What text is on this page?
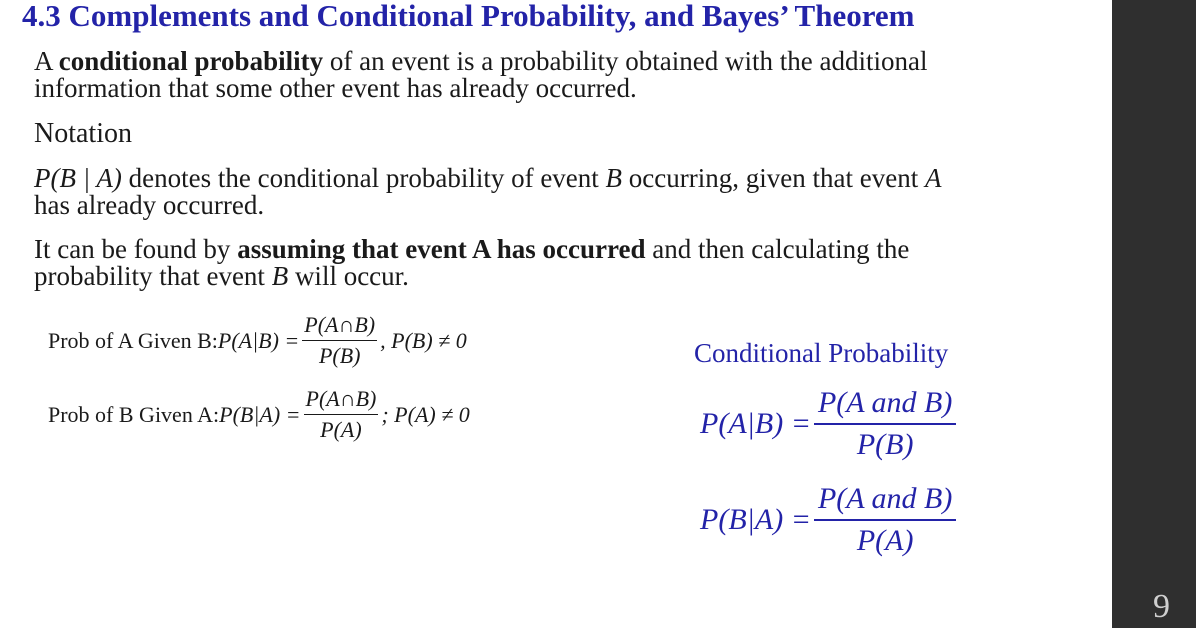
4.3 Complements and Conditional Probability, and Bayes’ Theorem
A conditional probability of an event is a probability obtained with the additional
information that some other event has already occurred.
Notation
P(B | A) denotes the conditional probability of event B occurring, given that event A
has already occurred.
It can be found by assuming that event A has occurred and then calculating the
probability that event B will occur.
Prob of A Given B: $P(A|B) = \frac{P(A\cap B)}{P(B)}$ , P(B) ≠ 0
Prob of B Given A: $P(B|A) = \frac{P(A\cap B)}{P(A)}$ ; P(A) ≠ 0
Conditional Probability
$P(A|B) = \frac{\text{P(A and B)}}{P(B)}$
$P(B|A) = \frac{\text{P(A and B)}}{P(A)}$
9
